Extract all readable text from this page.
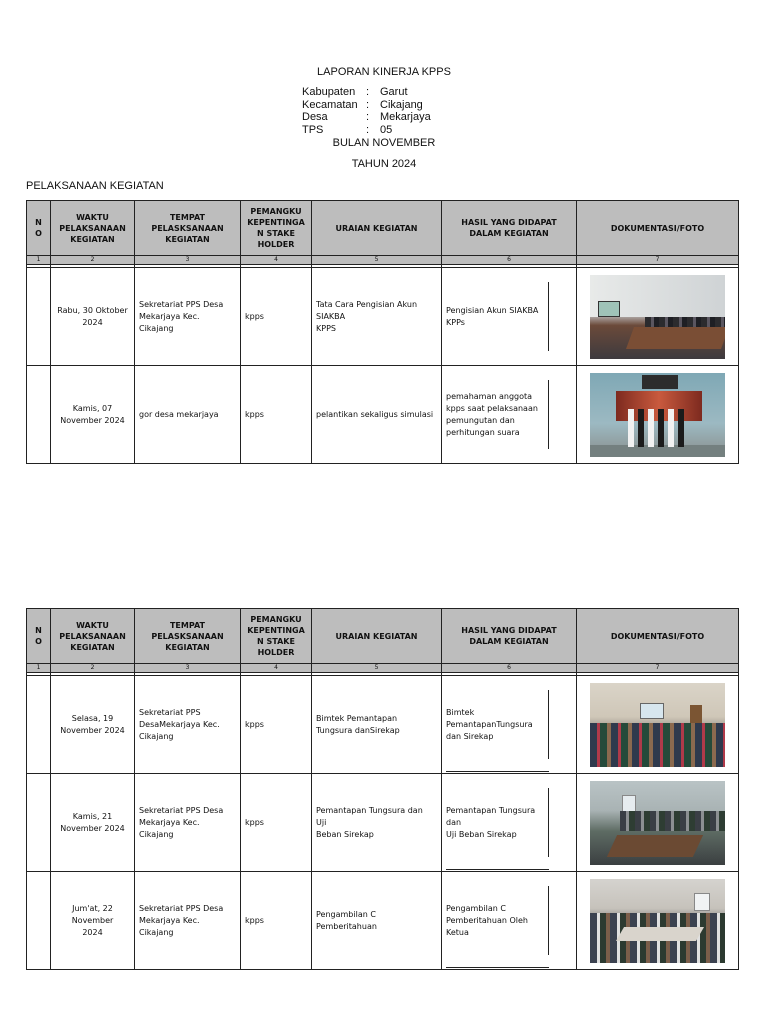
LAPORAN KINERJA KPPS
Kabupaten : Garut
Kecamatan : Cikajang
Desa	: Mekarjaya
TPS	: 05
BULAN NOVEMBER
TAHUN 2024
PELAKSANAAN KEGIATAN
N
O	WAKTU PELAKSANAAN KEGIATAN	TEMPAT PELASKSANAAN KEGIATAN	PEMANGKU KEPENTINGA N STAKE HOLDER	URAIAN KEGIATAN	HASIL YANG DIDAPAT DALAM KEGIATAN	DOKUMENTASI/FOTO
1	2	3	4	5	6	7

	Rabu, 30 Oktober
2024	Sekretariat PPS Desa
Mekarjaya Kec.
Cikajang	kpps	Tata Cara Pengisian Akun
SIAKBA
KPPS	Pengisian Akun SIAKBA
KPPs

	Kamis, 07
November 2024	gor desa mekarjaya	kpps	pelantikan sekaligus simulasi	pemahaman anggota
kpps saat pelaksanaan
pemungutan dan
perhitungan suara

N
O	WAKTU PELAKSANAAN KEGIATAN	TEMPAT PELASKSANAAN KEGIATAN	PEMANGKU KEPENTINGA N STAKE HOLDER	URAIAN KEGIATAN	HASIL YANG DIDAPAT DALAM KEGIATAN	DOKUMENTASI/FOTO
1	2	3	4	5	6	7

	Selasa, 19
November 2024	Sekretariat PPS
DesaMekarjaya Kec.
Cikajang	kpps	Bimtek Pemantapan
Tungsura danSirekap	Bimtek
PemantapanTungsura
dan Sirekap

	Kamis, 21
November 2024	Sekretariat PPS Desa
Mekarjaya Kec.
Cikajang	kpps	Pemantapan Tungsura dan
Uji
Beban Sirekap	Pemantapan Tungsura
dan
Uji Beban Sirekap

	Jum'at, 22
November
2024	Sekretariat PPS Desa
Mekarjaya Kec.
Cikajang	kpps	Pengambilan C
Pemberitahuan	Pengambilan C
Pemberitahuan Oleh
Ketua
